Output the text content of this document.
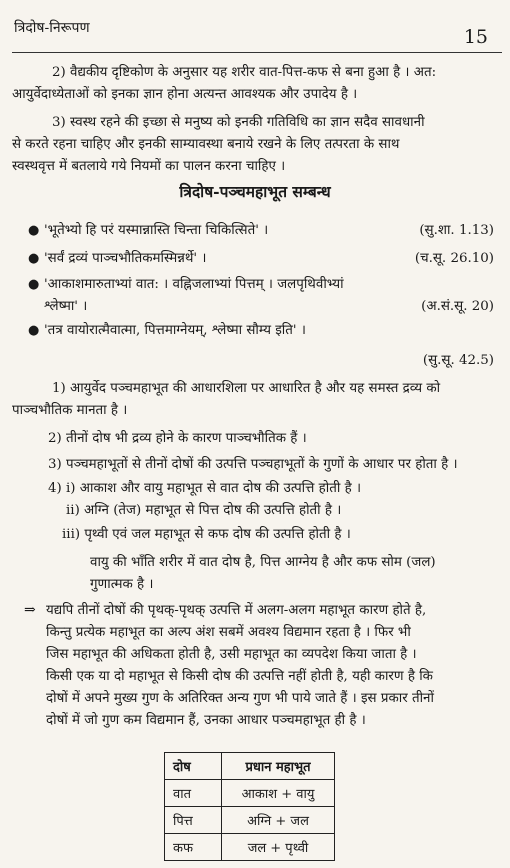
त्रिदोष-निरूपण	15
2) वैद्यकीय दृष्टिकोण के अनुसार यह शरीर वात-पित्त-कफ से बना हुआ है । अत:
आयुर्वेदाध्येताओं को इनका ज्ञान होना अत्यन्त आवश्यक और उपादेय है ।
3) स्वस्थ रहने की इच्छा से मनुष्य को इनकी गतिविधि का ज्ञान सदैव सावधानी
से करते रहना चाहिए और इनकी साम्यावस्था बनाये रखने के लिए तत्परता के साथ
स्वस्थवृत्त में बतलाये गये नियमों का पालन करना चाहिए ।
त्रिदोष-पञ्चमहाभूत सम्बन्ध
● 'भूतेभ्यो हि परं यस्मान्नास्ति चिन्ता चिकित्सिते' ।	(सु.शा. 1.13)
● 'सर्वं द्रव्यं पाञ्चभौतिकमस्मिन्नर्थे' ।	(च.सू. 26.10)
● 'आकाशमारुताभ्यां वात: । वह्निजलाभ्यां पित्तम् । जलपृथिवीभ्यां
श्लेष्मा' ।	(अ.सं.सू. 20)
● 'तत्र वायोरात्मैवात्मा, पित्तमाग्नेयम्, श्लेष्मा सौम्य इति' ।
(सु.सू. 42.5)
1) आयुर्वेद पञ्चमहाभूत की आधारशिला पर आधारित है और यह समस्त द्रव्य को
पाञ्चभौतिक मानता है ।
2) तीनों दोष भी द्रव्य होने के कारण पाञ्चभौतिक हैं ।
3) पञ्चमहाभूतों से तीनों दोषों की उत्पत्ति पञ्चहाभूतों के गुणों के आधार पर होता है ।
4) i) आकाश और वायु महाभूत से वात दोष की उत्पत्ति होती है ।
ii) अग्नि (तेज) महाभूत से पित्त दोष की उत्पत्ति होती है ।
iii) पृथ्वी एवं जल महाभूत से कफ दोष की उत्पत्ति होती है ।
वायु की भाँति शरीर में वात दोष है, पित्त आग्नेय है और कफ सोम (जल)
गुणात्मक है ।
⇒ यद्यपि तीनों दोषों की पृथक्-पृथक् उत्पत्ति में अलग-अलग महाभूत कारण होते है,
किन्तु प्रत्येक महाभूत का अल्प अंश सबमें अवश्य विद्यमान रहता है । फिर भी
जिस महाभूत की अधिकता होती है, उसी महाभूत का व्यपदेश किया जाता है ।
किसी एक या दो महाभूत से किसी दोष की उत्पत्ति नहीं होती है, यही कारण है कि
दोषों में अपने मुख्य गुण के अतिरिक्त अन्य गुण भी पाये जाते हैं । इस प्रकार तीनों
दोषों में जो गुण कम विद्यमान हैं, उनका आधार पञ्चमहाभूत ही है ।
दोष	प्रधान महाभूत
वात	आकाश + वायु
पित्त	अग्नि + जल
कफ	जल + पृथ्वी
